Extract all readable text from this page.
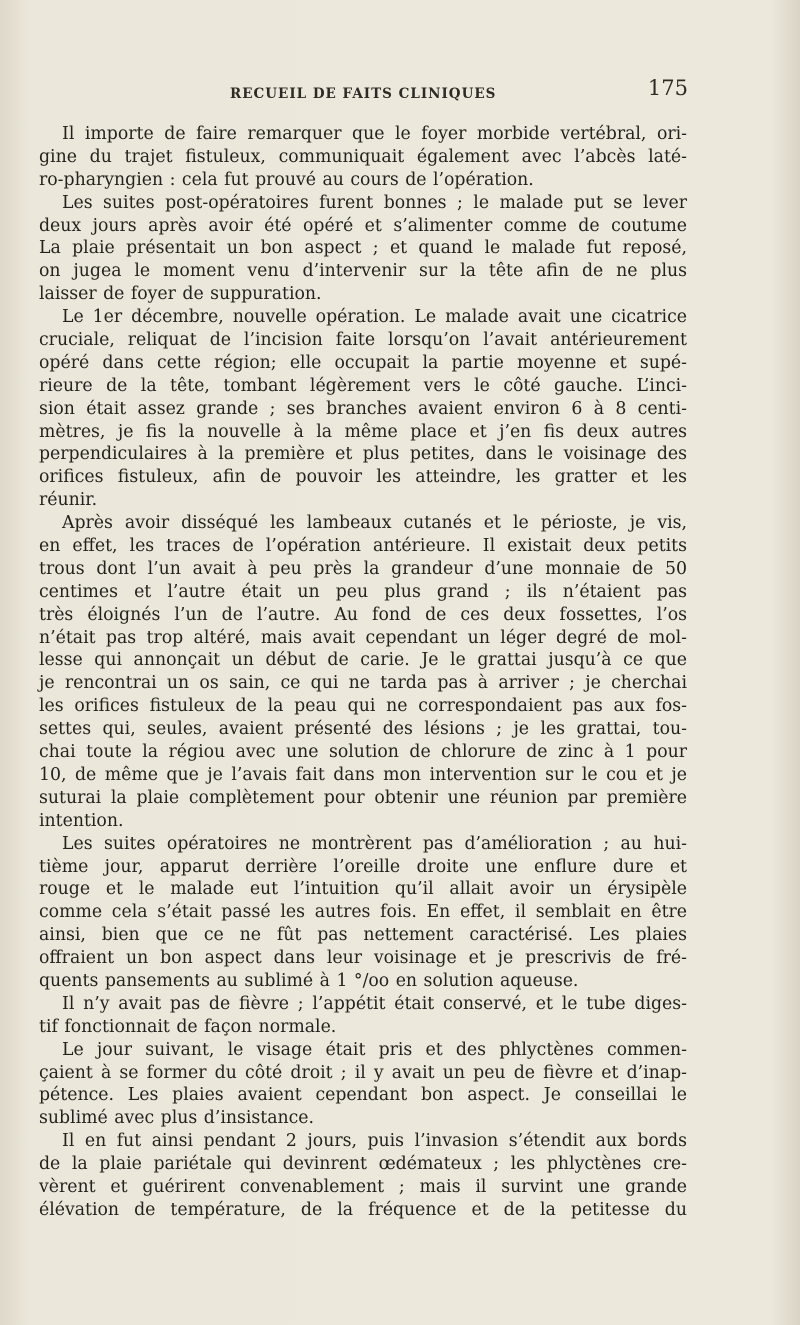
RECUEIL DE FAITS CLINIQUES	175
Il importe de faire remarquer que le foyer morbide vertébral, ori-
gine du trajet fistuleux, communiquait également avec l’abcès laté-
ro-pharyngien : cela fut prouvé au cours de l’opération.
Les suites post-opératoires furent bonnes ; le malade put se lever
deux jours après avoir été opéré et s’alimenter comme de coutume
La plaie présentait un bon aspect ; et quand le malade fut reposé,
on jugea le moment venu d’intervenir sur la tête afin de ne plus
laisser de foyer de suppuration.
Le 1er décembre, nouvelle opération. Le malade avait une cicatrice
cruciale, reliquat de l’incision faite lorsqu’on l’avait antérieurement
opéré dans cette région; elle occupait la partie moyenne et supé-
rieure de la tête, tombant légèrement vers le côté gauche. L’inci-
sion était assez grande ; ses branches avaient environ 6 à 8 centi-
mètres, je fis la nouvelle à la même place et j’en fis deux autres
perpendiculaires à la première et plus petites, dans le voisinage des
orifices fistuleux, afin de pouvoir les atteindre, les gratter et les
réunir.
Après avoir disséqué les lambeaux cutanés et le périoste, je vis,
en effet, les traces de l’opération antérieure. Il existait deux petits
trous dont l’un avait à peu près la grandeur d’une monnaie de 50
centimes et l’autre était un peu plus grand ; ils n’étaient pas
très éloignés l’un de l’autre. Au fond de ces deux fossettes, l’os
n’était pas trop altéré, mais avait cependant un léger degré de mol-
lesse qui annonçait un début de carie. Je le grattai jusqu’à ce que
je rencontrai un os sain, ce qui ne tarda pas à arriver ; je cherchai
les orifices fistuleux de la peau qui ne correspondaient pas aux fos-
settes qui, seules, avaient présenté des lésions ; je les grattai, tou-
chai toute la régiou avec une solution de chlorure de zinc à 1 pour
10, de même que je l’avais fait dans mon intervention sur le cou et je
suturai la plaie complètement pour obtenir une réunion par première
intention.
Les suites opératoires ne montrèrent pas d’amélioration ; au hui-
tième jour, apparut derrière l’oreille droite une enflure dure et
rouge et le malade eut l’intuition qu’il allait avoir un érysipèle
comme cela s’était passé les autres fois. En effet, il semblait en être
ainsi, bien que ce ne fût pas nettement caractérisé. Les plaies
offraient un bon aspect dans leur voisinage et je prescrivis de fré-
quents pansements au sublimé à 1 °/oo en solution aqueuse.
Il n’y avait pas de fièvre ; l’appétit était conservé, et le tube diges-
tif fonctionnait de façon normale.
Le jour suivant, le visage était pris et des phlyctènes commen-
çaient à se former du côté droit ; il y avait un peu de fièvre et d’inap-
pétence. Les plaies avaient cependant bon aspect. Je conseillai le
sublimé avec plus d’insistance.
Il en fut ainsi pendant 2 jours, puis l’invasion s’étendit aux bords
de la plaie pariétale qui devinrent œdémateux ; les phlyctènes cre-
vèrent et guérirent convenablement ; mais il survint une grande
élévation de température, de la fréquence et de la petitesse du
